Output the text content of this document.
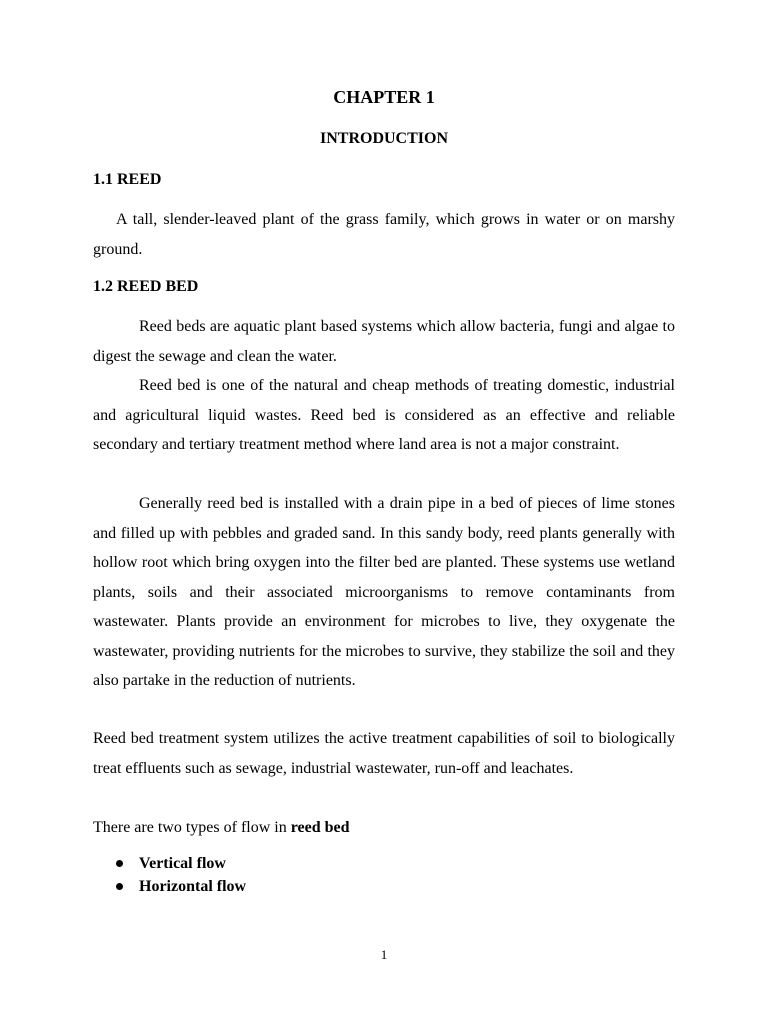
CHAPTER 1
INTRODUCTION
1.1 REED

A tall, slender-leaved plant of the grass family, which grows in water or on marshy ground.

1.2 REED BED

Reed beds are aquatic plant based systems which allow bacteria, fungi and algae to digest the sewage and clean the water.

Reed bed is one of the natural and cheap methods of treating domestic, industrial and agricultural liquid wastes. Reed bed is considered as an effective and reliable secondary and tertiary treatment method where land area is not a major constraint.

Generally reed bed is installed with a drain pipe in a bed of pieces of lime stones and filled up with pebbles and graded sand. In this sandy body, reed plants generally with hollow root which bring oxygen into the filter bed are planted. These systems use wetland plants, soils and their associated microorganisms to remove contaminants from wastewater. Plants provide an environment for microbes to live, they oxygenate the wastewater, providing nutrients for the microbes to survive, they stabilize the soil and they also partake in the reduction of nutrients.

Reed bed treatment system utilizes the active treatment capabilities of soil to biologically treat effluents such as sewage, industrial wastewater, run-off and leachates.

There are two types of flow in reed bed

Vertical flow
Horizontal flow

1
